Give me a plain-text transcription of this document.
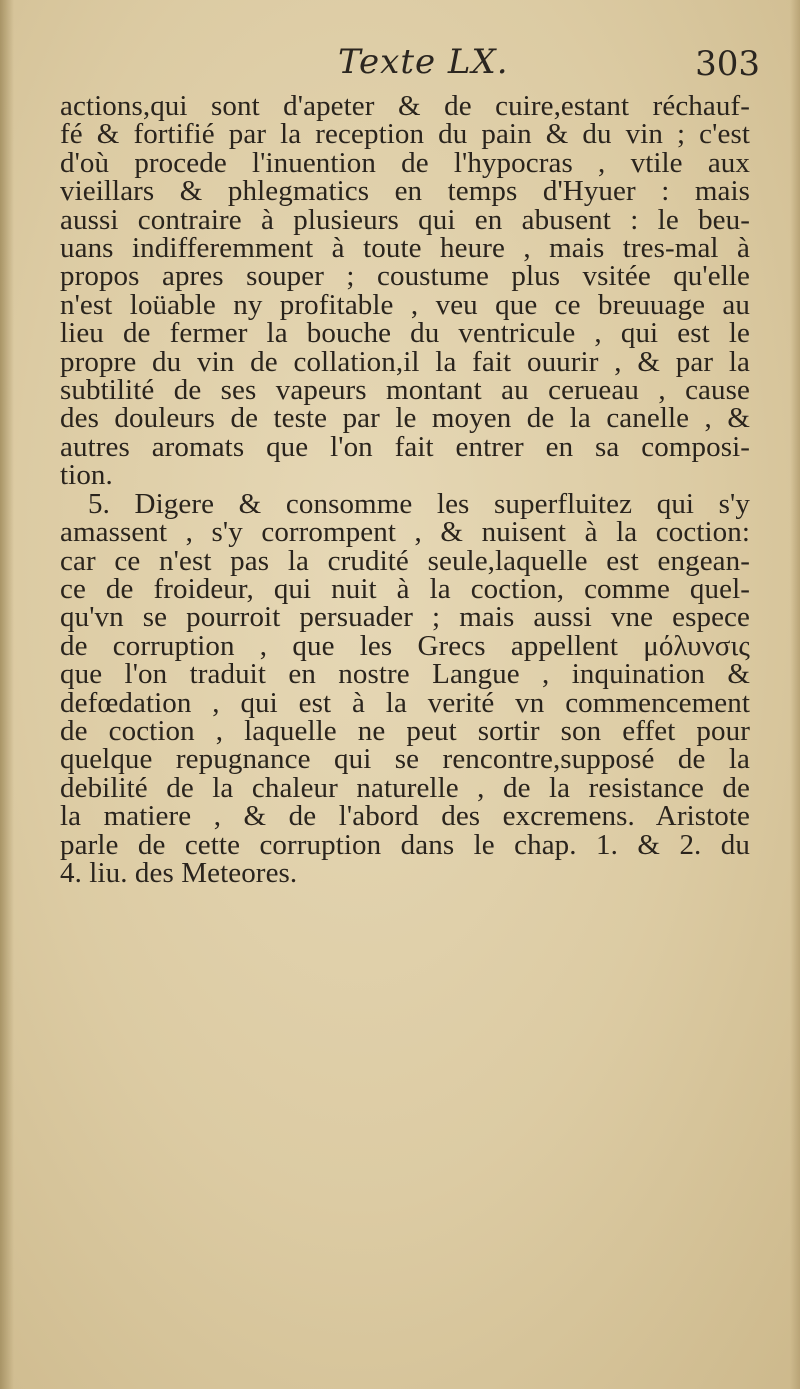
Texte LX.	303
actions,qui sont d'apeter & de cuire,estant réchauf-
fé & fortifié par la reception du pain & du vin ; c'est
d'où procede l'inuention de l'hypocras , vtile aux
vieillars & phlegmatics en temps d'Hyuer : mais
aussi contraire à plusieurs qui en abusent : le beu-
uans indifferemment à toute heure , mais tres-mal à
propos apres souper ; coustume plus vsitée qu'elle
n'est loüable ny profitable , veu que ce breuuage au
lieu de fermer la bouche du ventricule , qui est le
propre du vin de collation,il la fait ouurir , & par la
subtilité de ses vapeurs montant au cerueau , cause
des douleurs de teste par le moyen de la canelle , &
autres aromats que l'on fait entrer en sa composi-
tion.
5. Digere & consomme les superfluitez qui s'y
amassent , s'y corrompent , & nuisent à la coction:
car ce n'est pas la crudité seule,laquelle est engean-
ce de froideur, qui nuit à la coction, comme quel-
qu'vn se pourroit persuader ; mais aussi vne espece
de corruption , que les Grecs appellent μόλυνσις
que l'on traduit en nostre Langue , inquination &
defœdation , qui est à la verité vn commencement
de coction , laquelle ne peut sortir son effet pour
quelque repugnance qui se rencontre,supposé de la
debilité de la chaleur naturelle , de la resistance de
la matiere , & de l'abord des excremens. Aristote
parle de cette corruption dans le chap. 1. & 2. du
4. liu. des Meteores.
